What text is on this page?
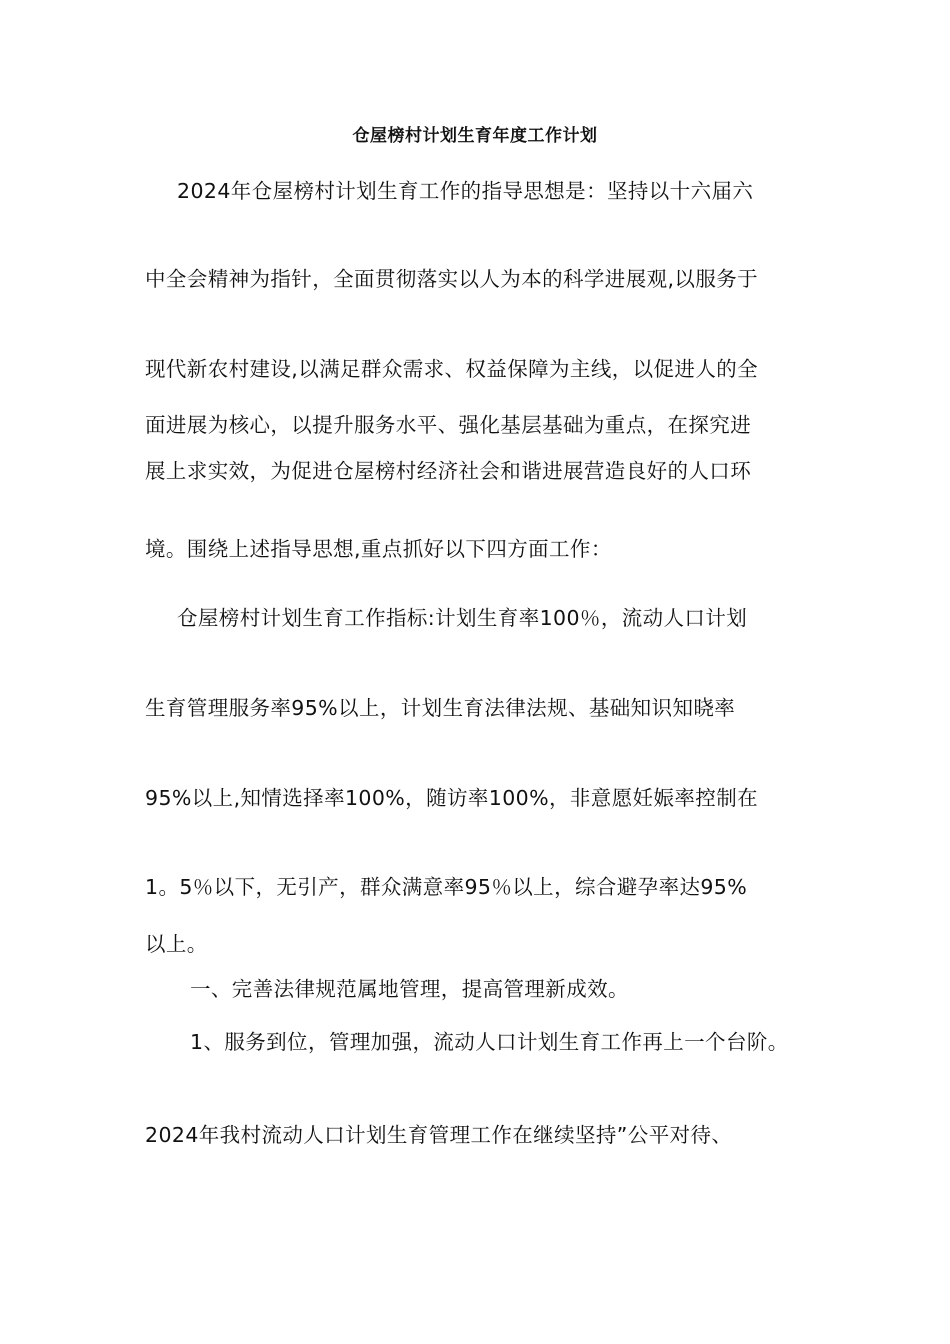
仓屋榜村计划生育年度工作计划
2024年仓屋榜村计划生育工作的指导思想是：坚持以十六届六
中全会精神为指针，全面贯彻落实以人为本的科学进展观,以服务于
现代新农村建设,以满足群众需求、权益保障为主线，以促进人的全
面进展为核心，以提升服务水平、强化基层基础为重点，在探究进
展上求实效，为促进仓屋榜村经济社会和谐进展营造良好的人口环
境。围绕上述指导思想,重点抓好以下四方面工作：
仓屋榜村计划生育工作指标:计划生育率100％，流动人口计划
生育管理服务率95%以上，计划生育法律法规、基础知识知晓率
95%以上,知情选择率100%，随访率100%，非意愿妊娠率控制在
1。5％以下，无引产，群众满意率95％以上，综合避孕率达95%
以上。
一、完善法律规范属地管理，提高管理新成效。
1、服务到位，管理加强，流动人口计划生育工作再上一个台阶。
2024年我村流动人口计划生育管理工作在继续坚持”公平对待、
